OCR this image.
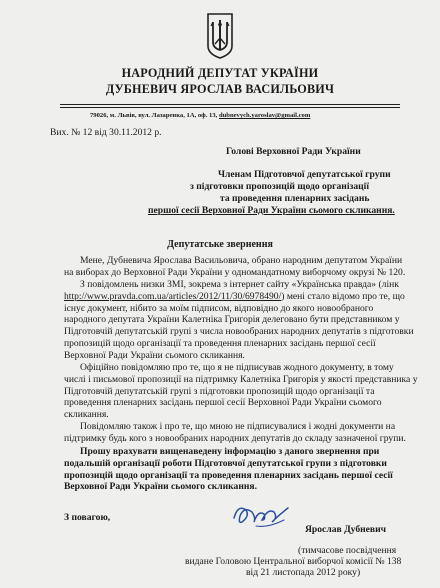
НАРОДНИЙ ДЕПУТАТ УКРАЇНИ
ДУБНЕВИЧ ЯРОСЛАВ ВАСИЛЬОВИЧ
79026, м. Львів, вул. Лазаренка, 1А, оф. 13, dubnevych.yaroslav@gmail.com
Вих. № 12 від 30.11.2012 р.
Голові Верховної Ради України
Членам Підготовчої депутатської групи
з підготовки пропозицій щодо організації
та проведення пленарних засідань
першої сесії Верховної Ради України сьомого скликання.
Депутатське звернення
Мене, Дубневича Ярослава Васильовича, обрано народним депутатом України
на виборах до Верховної Ради України у одномандатному виборчому окрузі № 120.
З повідомлень низки ЗМІ, зокрема з інтернет сайту «Українська правда» (лінк
http://www.pravda.com.ua/articles/2012/11/30/6978490/) мені стало відомо про те, що
існує документ, нібито за моїм підписом, відповідно до якого новообраного
народного депутата України Калетніка Григорія делеговано бути представником у
Підготовчій депутатській групі з числа новообраних народних депутатів з підготовки
пропозицій щодо організації та проведення пленарних засідань першої сесії
Верховної Ради України сьомого скликання.
Офіційно повідомляю про те, що я не підписував жодного документу, в тому
числі і письмової пропозиції на підтримку Калетніка Григорія у якості представника у
Підготовчій депутатській групі з підготовки пропозицій щодо організації та
проведення пленарних засідань першої сесії Верховної Ради України сьомого
скликання.
Повідомляю також і про те, що мною не підписувалися і жодні документи на
підтримку будь кого з новообраних народних депутатів до складу зазначеної групи.
Прошу врахувати вищенаведену інформацію з даного звернення при
подальшій організації роботи Підготовчої депутатської групи з підготовки
пропозицій щодо організації та проведення пленарних засідань першої сесії
Верховної Ради України сьомого скликання.
З повагою,
Ярослав Дубневич
(тимчасове посвідчення
видане Головою Центральної виборчої комісії № 138
від 21 листопада 2012 року)
